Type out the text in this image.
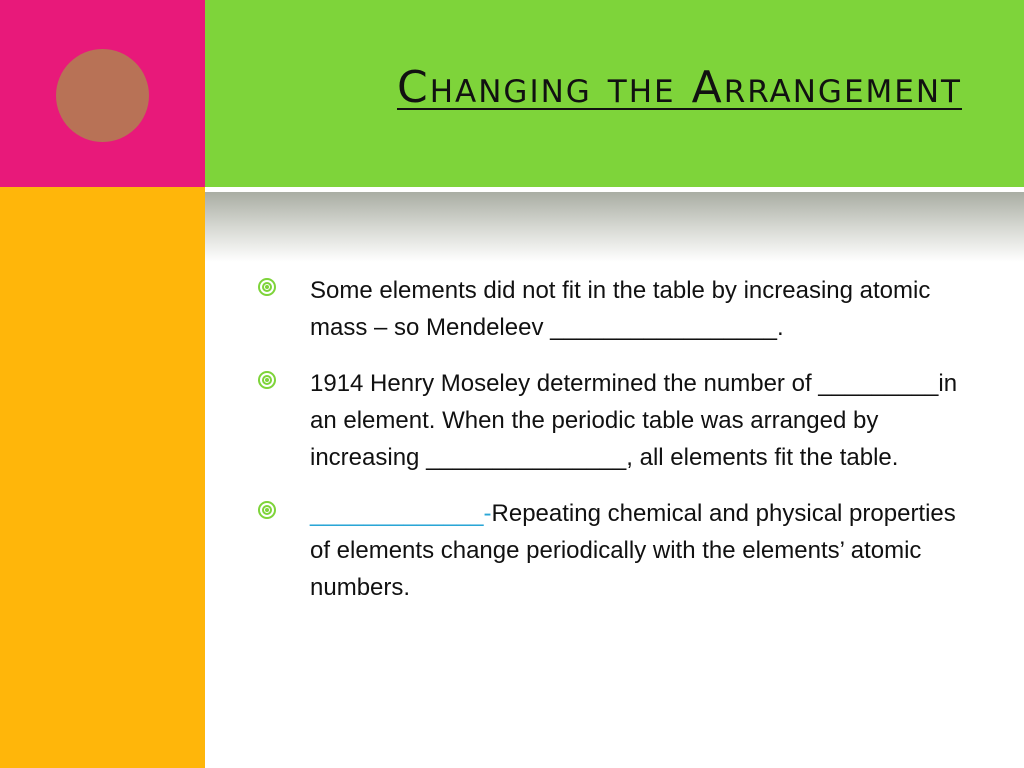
Changing the Arrangement
Some elements did not fit in the table by increasing atomic mass – so Mendeleev _________________.
1914 Henry Moseley determined the number of _________in an element. When the periodic table was arranged by increasing _______________, all elements fit the table.
_____________-Repeating chemical and physical properties of elements change periodically with the elements’ atomic numbers.
